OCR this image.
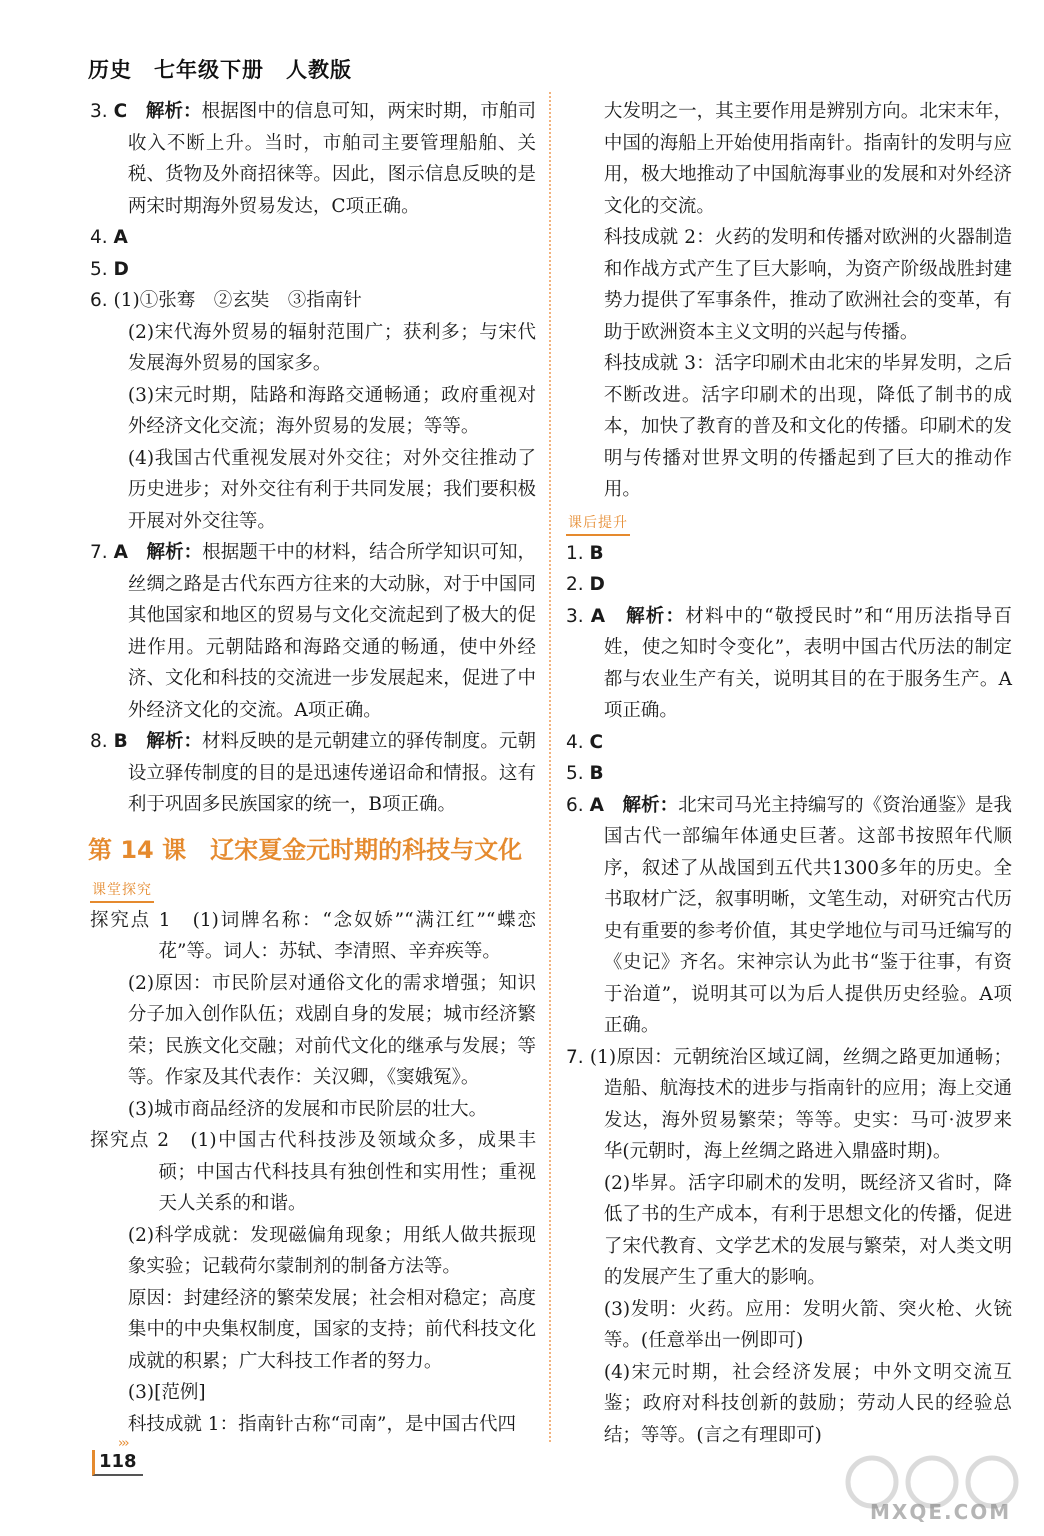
历史　七年级下册　人教版

3. C　 解析：根据图中的信息可知，两宋时期，市舶司收入不断上升。当时，市舶司主要管理船舶、关税、货物及外商招徕等。因此，图示信息反映的是两宋时期海外贸易发达，C项正确。

4. A

5. D

6. (1)①张骞　②玄奘　③指南针

(2)宋代海外贸易的辐射范围广；获利多；与宋代发展海外贸易的国家多。

(3)宋元时期，陆路和海路交通畅通；政府重视对外经济文化交流；海外贸易的发展；等等。

(4)我国古代重视发展对外交往；对外交往推动了历史进步；对外交往有利于共同发展；我们要积极开展对外交往等。

7. A　 解析：根据题干中的材料，结合所学知识可知，丝绸之路是古代东西方往来的大动脉，对于中国同其他国家和地区的贸易与文化交流起到了极大的促进作用。元朝陆路和海路交通的畅通，使中外经济、文化和科技的交流进一步发展起来，促进了中外经济文化的交流。A项正确。

8. B　 解析：材料反映的是元朝建立的驿传制度。元朝设立驿传制度的目的是迅速传递诏命和情报。这有利于巩固多民族国家的统一，B项正确。

第 14 课　辽宋夏金元时期的科技与文化
课堂探究

探究点 1　 (1)词牌名称：“念奴娇”“满江红”“蝶恋花”等。词人：苏轼、李清照、辛弃疾等。

(2)原因：市民阶层对通俗文化的需求增强；知识分子加入创作队伍；戏剧自身的发展；城市经济繁荣；民族文化交融；对前代文化的继承与发展；等等。作家及其代表作：关汉卿，《窦娥冤》。

(3)城市商品经济的发展和市民阶层的壮大。

探究点 2　 (1)中国古代科技涉及领域众多，成果丰硕；中国古代科技具有独创性和实用性；重视天人关系的和谐。

(2)科学成就：发现磁偏角现象；用纸人做共振现象实验；记载荷尔蒙制剂的制备方法等。

原因：封建经济的繁荣发展；社会相对稳定；高度集中的中央集权制度，国家的支持；前代科技文化成就的积累；广大科技工作者的努力。

(3)[范例]

科技成就 1：指南针古称“司南”，是中国古代四

大发明之一，其主要作用是辨别方向。北宋末年，中国的海船上开始使用指南针。指南针的发明与应用，极大地推动了中国航海事业的发展和对外经济文化的交流。

科技成就 2：火药的发明和传播对欧洲的火器制造和作战方式产生了巨大影响，为资产阶级战胜封建势力提供了军事条件，推动了欧洲社会的变革，有助于欧洲资本主义文明的兴起与传播。

科技成就 3：活字印刷术由北宋的毕昇发明，之后不断改进。活字印刷术的出现，降低了制书的成本，加快了教育的普及和文化的传播。印刷术的发明与传播对世界文明的传播起到了巨大的推动作用。

课后提升

1. B

2. D

3. A　 解析：材料中的“敬授民时”和“用历法指导百姓，使之知时令变化”，表明中国古代历法的制定都与农业生产有关，说明其目的在于服务生产。A项正确。

4. C

5. B

6. A　 解析：北宋司马光主持编写的《资治通鉴》是我国古代一部编年体通史巨著。这部书按照年代顺序，叙述了从战国到五代共1300多年的历史。全书取材广泛，叙事明晰，文笔生动，对研究古代历史有重要的参考价值，其史学地位与司马迁编写的《史记》齐名。宋神宗认为此书“鉴于往事，有资于治道”，说明其可以为后人提供历史经验。A项正确。

7. (1)原因：元朝统治区域辽阔，丝绸之路更加通畅；造船、航海技术的进步与指南针的应用；海上交通发达，海外贸易繁荣；等等。史实：马可·波罗来华(元朝时，海上丝绸之路进入鼎盛时期)。

(2)毕昇。活字印刷术的发明，既经济又省时，降低了书的生产成本，有利于思想文化的传播，促进了宋代教育、文学艺术的发展与繁荣，对人类文明的发展产生了重大的影响。

(3)发明：火药。应用：发明火箭、突火枪、火铳等。(任意举出一例即可)

(4)宋元时期，社会经济发展；中外文明交流互鉴；政府对科技创新的鼓励；劳动人民的经验总结；等等。(言之有理即可)

›››
118
MXQE.COM
